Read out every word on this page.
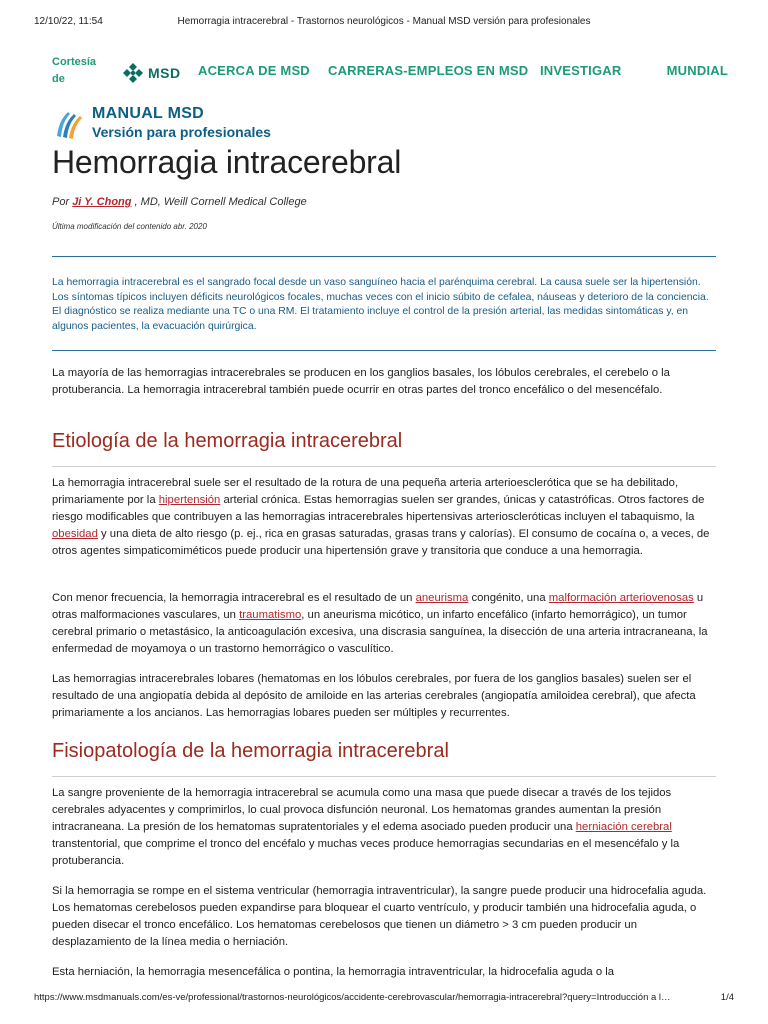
12/10/22, 11:54	Hemorragia intracerebral - Trastornos neurológicos - Manual MSD versión para profesionales
Cortesía
de	MSD ACERCA DE MSD CARRERAS-EMPLEOS EN MSD INVESTIGAR	MUNDIAL
MANUAL MSD
Versión para profesionales
Hemorragia intracerebral
Por Ji Y. Chong , MD, Weill Cornell Medical College
Última modificación del contenido abr. 2020
La hemorragia intracerebral es el sangrado focal desde un vaso sanguíneo hacia el parénquima cerebral. La causa suele ser la hipertensión. Los síntomas típicos incluyen déficits neurológicos focales, muchas veces con el inicio súbito de cefalea, náuseas y deterioro de la conciencia. El diagnóstico se realiza mediante una TC o una RM. El tratamiento incluye el control de la presión arterial, las medidas sintomáticas y, en algunos pacientes, la evacuación quirúrgica.
La mayoría de las hemorragias intracerebrales se producen en los ganglios basales, los lóbulos cerebrales, el cerebelo o la protuberancia. La hemorragia intracerebral también puede ocurrir en otras partes del tronco encefálico o del mesencéfalo.
Etiología de la hemorragia intracerebral
La hemorragia intracerebral suele ser el resultado de la rotura de una pequeña arteria arterioesclerótica que se ha debilitado, primariamente por la hipertensión arterial crónica. Estas hemorragias suelen ser grandes, únicas y catastróficas. Otros factores de riesgo modificables que contribuyen a las hemorragias intracerebrales hipertensivas arterioscleróticas incluyen el tabaquismo, la obesidad y una dieta de alto riesgo (p. ej., rica en grasas saturadas, grasas trans y calorías). El consumo de cocaína o, a veces, de otros agentes simpaticomiméticos puede producir una hipertensión grave y transitoria que conduce a una hemorragia.
Con menor frecuencia, la hemorragia intracerebral es el resultado de un aneurisma congénito, una malformación arteriovenosas u otras malformaciones vasculares, un traumatismo, un aneurisma micótico, un infarto encefálico (infarto hemorrágico), un tumor cerebral primario o metastásico, la anticoagulación excesiva, una discrasia sanguínea, la disección de una arteria intracraneana, la enfermedad de moyamoya o un trastorno hemorrágico o vasculítico.
Las hemorragias intracerebrales lobares (hematomas en los lóbulos cerebrales, por fuera de los ganglios basales) suelen ser el resultado de una angiopatía debida al depósito de amiloide en las arterias cerebrales (angiopatía amiloidea cerebral), que afecta primariamente a los ancianos. Las hemorragias lobares pueden ser múltiples y recurrentes.
Fisiopatología de la hemorragia intracerebral
La sangre proveniente de la hemorragia intracerebral se acumula como una masa que puede disecar a través de los tejidos cerebrales adyacentes y comprimirlos, lo cual provoca disfunción neuronal. Los hematomas grandes aumentan la presión intracraneana. La presión de los hematomas supratentoriales y el edema asociado pueden producir una herniación cerebral transtentorial, que comprime el tronco del encéfalo y muchas veces produce hemorragias secundarias en el mesencéfalo y la protuberancia.
Si la hemorragia se rompe en el sistema ventricular (hemorragia intraventricular), la sangre puede producir una hidrocefalia aguda. Los hematomas cerebelosos pueden expandirse para bloquear el cuarto ventrículo, y producir también una hidrocefalia aguda, o pueden disecar el tronco encefálico. Los hematomas cerebelosos que tienen un diámetro > 3 cm pueden producir un desplazamiento de la línea media o herniación.
Esta herniación, la hemorragia mesencefálica o pontina, la hemorragia intraventricular, la hidrocefalia aguda o la
https://www.msdmanuals.com/es-ve/professional/trastornos-neurológicos/accidente-cerebrovascular/hemorragia-intracerebral?query=Introducción a l…	1/4
